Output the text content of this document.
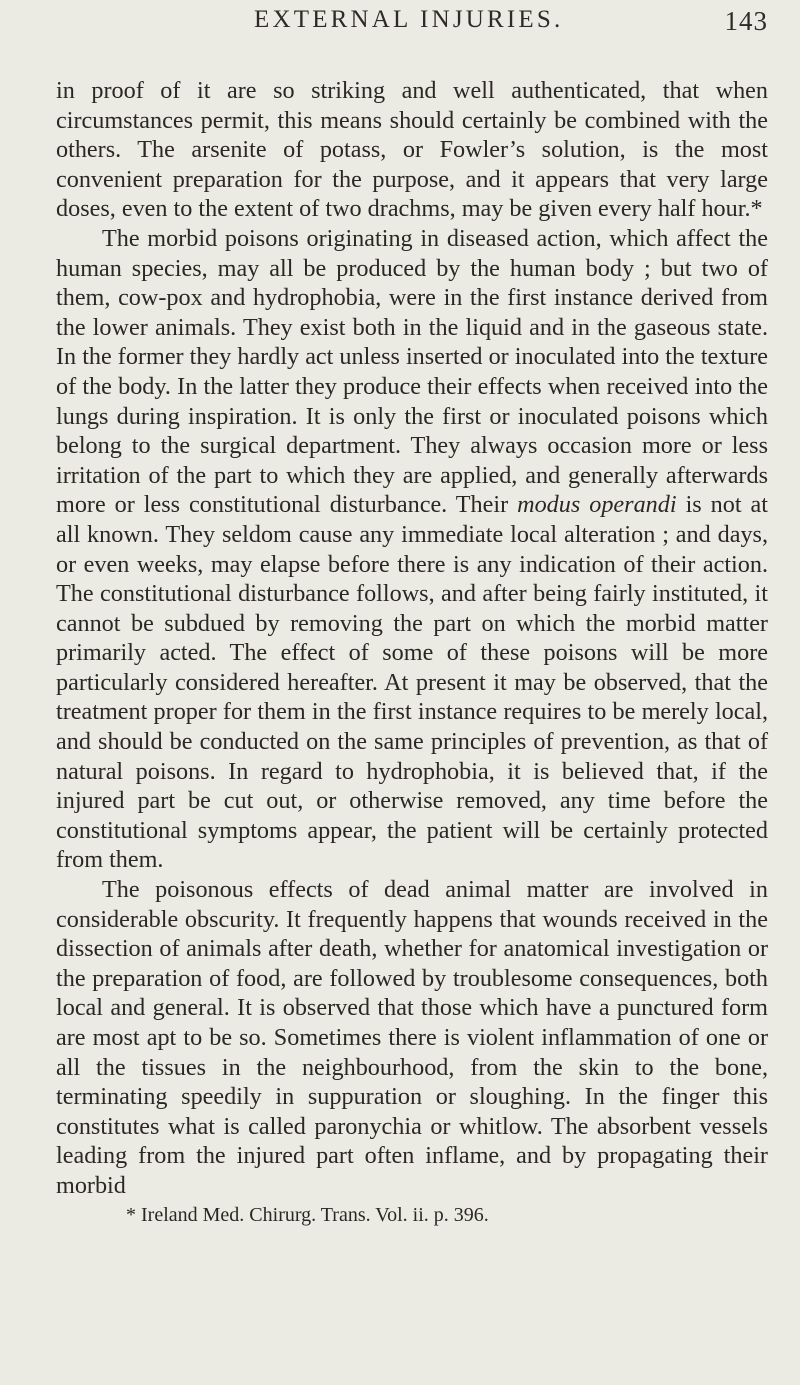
EXTERNAL INJURIES.	143

in proof of it are so striking and well authenticated, that when circumstances permit, this means should certainly be combined with the others. The arsenite of potass, or Fowler’s solution, is the most convenient preparation for the purpose, and it appears that very large doses, even to the extent of two drachms, may be given every half hour.*

The morbid poisons originating in diseased action, which affect the human species, may all be produced by the human body ; but two of them, cow-pox and hydrophobia, were in the first instance derived from the lower animals. They exist both in the liquid and in the gaseous state. In the former they hardly act unless inserted or inoculated into the texture of the body. In the latter they produce their effects when received into the lungs during inspiration. It is only the first or inoculated poisons which belong to the surgical department. They always occasion more or less irritation of the part to which they are applied, and generally afterwards more or less constitutional disturbance. Their modus operandi is not at all known. They seldom cause any immediate local alteration ; and days, or even weeks, may elapse before there is any indication of their action. The constitutional disturbance follows, and after being fairly instituted, it cannot be subdued by removing the part on which the morbid matter primarily acted. The effect of some of these poisons will be more particularly considered hereafter. At present it may be observed, that the treatment proper for them in the first instance requires to be merely local, and should be conducted on the same principles of prevention, as that of natural poisons. In regard to hydrophobia, it is believed that, if the injured part be cut out, or otherwise removed, any time before the constitutional symptoms appear, the patient will be certainly protected from them.

The poisonous effects of dead animal matter are involved in considerable obscurity. It frequently happens that wounds received in the dissection of animals after death, whether for anatomical investigation or the preparation of food, are followed by troublesome consequences, both local and general. It is observed that those which have a punctured form are most apt to be so. Sometimes there is violent inflammation of one or all the tissues in the neighbourhood, from the skin to the bone, terminating speedily in suppuration or sloughing. In the finger this constitutes what is called paronychia or whitlow. The absorbent vessels leading from the injured part often inflame, and by propagating their morbid

* Ireland Med. Chirurg. Trans. Vol. ii. p. 396.
